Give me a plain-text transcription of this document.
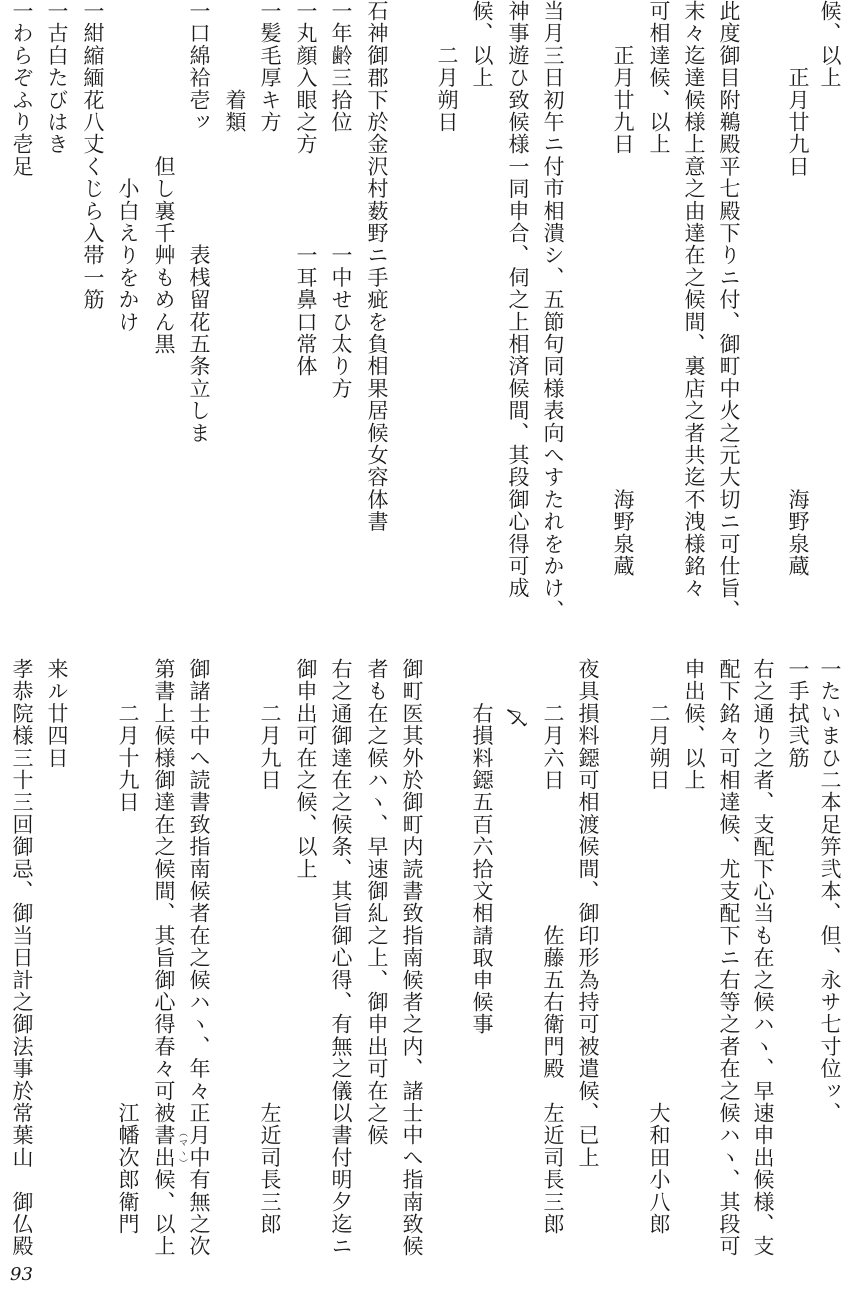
候、以上
　　　正月廿九日　　　　　　　　　　　　　　海野泉蔵
此度御目附鵜殿平七殿下りニ付、御町中火之元大切ニ可仕旨、
末々迄達候様上意之由達在之候間、裏店之者共迄不洩様銘々
可相達候、以上
　　正月廿九日　　　　　　　　　　　　　　　海野泉蔵
当月三日初午ニ付市相潰シ、五節句同様表向へすたれをかけ、
神事遊ひ致候様一同申合、伺之上相済候間、其段御心得可成
候、以上
　　二月朔日
石神御郡下於金沢村薮野ニ手疵を負相果居候女容体書
一年齢三拾位　　　　　一中せひ太り方
一丸顔入眼之方　　　　一耳鼻口常体
一髪毛厚キ方
　　　　着類
一口綿袷壱ッ　　　　　表桟留花五条立しま
　　　　　　　但し裏千艸もめん黒
　　　　　　　　小白えりをかけ
一紺縮緬花八丈くじら入帯一筋
一古白たびはき
一わらぞふり壱足
一たいまひ二本足笄弐本、但、永サ七寸位ッ、
一手拭弐筋
右之通り之者、支配下心当も在之候ハヽ、早速申出候様、支
配下銘々可相達候、尤支配下ニ右等之者在之候ハヽ、其段可
申出候、以上
　　二月朔日　　　　　　　　　　　　　　大和田小八郎
夜具損料鐚可相渡候間、御印形為持可被遣候、已上
　　二月六日　　　　　　佐藤五右衛門殿　左近司長三郎
〆
　　右損料鐚五百六拾文相請取申候事
御町医其外於御町内読書致指南候者之内、諸士中へ指南致候
者も在之候ハヽ、早速御糺之上、御申出可在之候
右之通御達在之候条、其旨御心得、有無之儀以書付明夕迄ニ
御申出可在之候、以上
　　二月九日　　　　　　　　　　　　　　左近司長三郎
御諸士中へ読書致指南候者在之候ハヽ、年々正月中有無之次
第書上候様御達在之候間、其旨御心得春々可被書出候、以上 （マヽ）
　　二月十九日　　　　　　　　　　　　　江幡次郎衛門
来ル廿四日
孝恭院様三十三回御忌、御当日計之御法事於常葉山　御仏殿
93
